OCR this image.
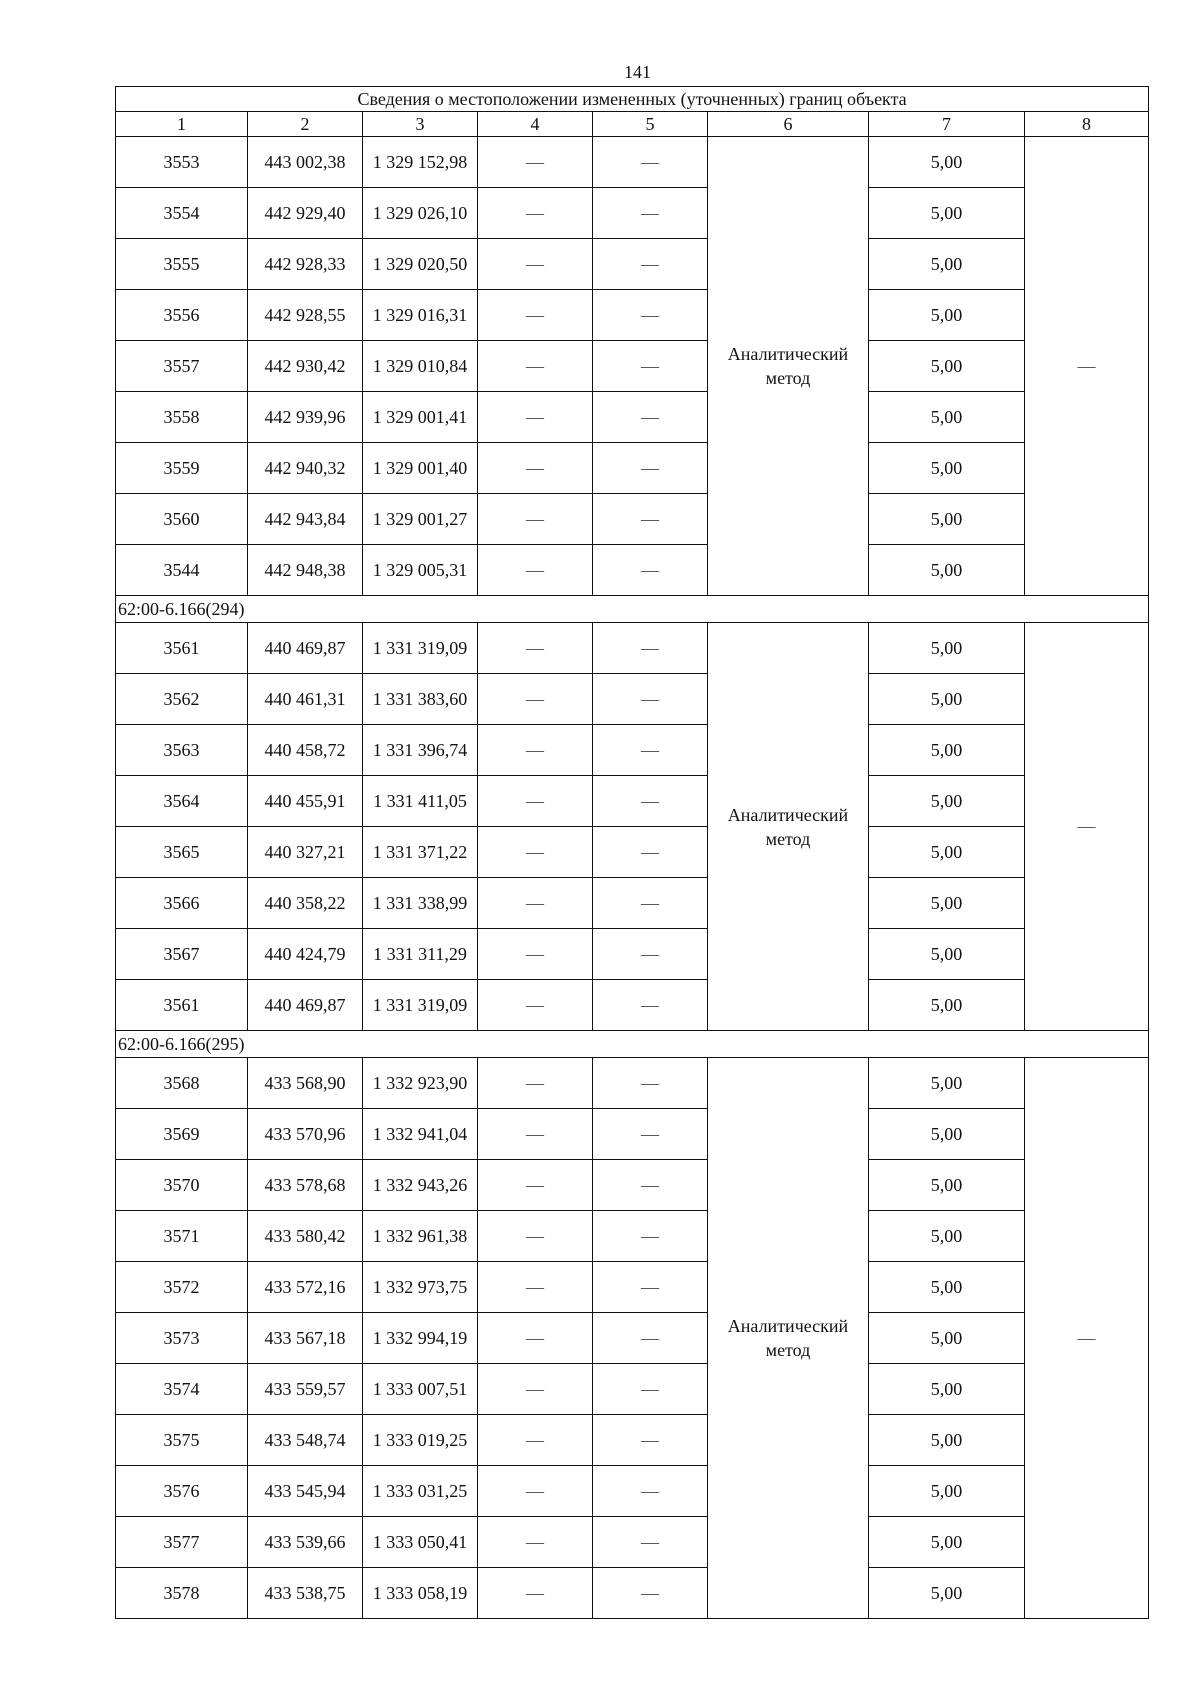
141
Сведения о местоположении измененных (уточненных) границ объекта							
1	2	3	4	5	6	7	8
3553	443 002,38	1 329 152,98	—	—	Аналитический метод	5,00	—
3554	442 929,40	1 329 026,10	—	—		5,00	
3555	442 928,33	1 329 020,50	—	—		5,00	
3556	442 928,55	1 329 016,31	—	—		5,00	
3557	442 930,42	1 329 010,84	—	—		5,00	
3558	442 939,96	1 329 001,41	—	—		5,00	
3559	442 940,32	1 329 001,40	—	—		5,00	
3560	442 943,84	1 329 001,27	—	—		5,00	
3544	442 948,38	1 329 005,31	—	—		5,00	
62:00-6.166(294)							
3561	440 469,87	1 331 319,09	—	—	Аналитический метод	5,00	—
3562	440 461,31	1 331 383,60	—	—		5,00	
3563	440 458,72	1 331 396,74	—	—		5,00	
3564	440 455,91	1 331 411,05	—	—		5,00	
3565	440 327,21	1 331 371,22	—	—		5,00	
3566	440 358,22	1 331 338,99	—	—		5,00	
3567	440 424,79	1 331 311,29	—	—		5,00	
3561	440 469,87	1 331 319,09	—	—		5,00	
62:00-6.166(295)							
3568	433 568,90	1 332 923,90	—	—	Аналитический метод	5,00	—
3569	433 570,96	1 332 941,04	—	—		5,00	
3570	433 578,68	1 332 943,26	—	—		5,00	
3571	433 580,42	1 332 961,38	—	—		5,00	
3572	433 572,16	1 332 973,75	—	—		5,00	
3573	433 567,18	1 332 994,19	—	—		5,00	
3574	433 559,57	1 333 007,51	—	—		5,00	
3575	433 548,74	1 333 019,25	—	—		5,00	
3576	433 545,94	1 333 031,25	—	—		5,00	
3577	433 539,66	1 333 050,41	—	—		5,00	
3578	433 538,75	1 333 058,19	—	—		5,00	
